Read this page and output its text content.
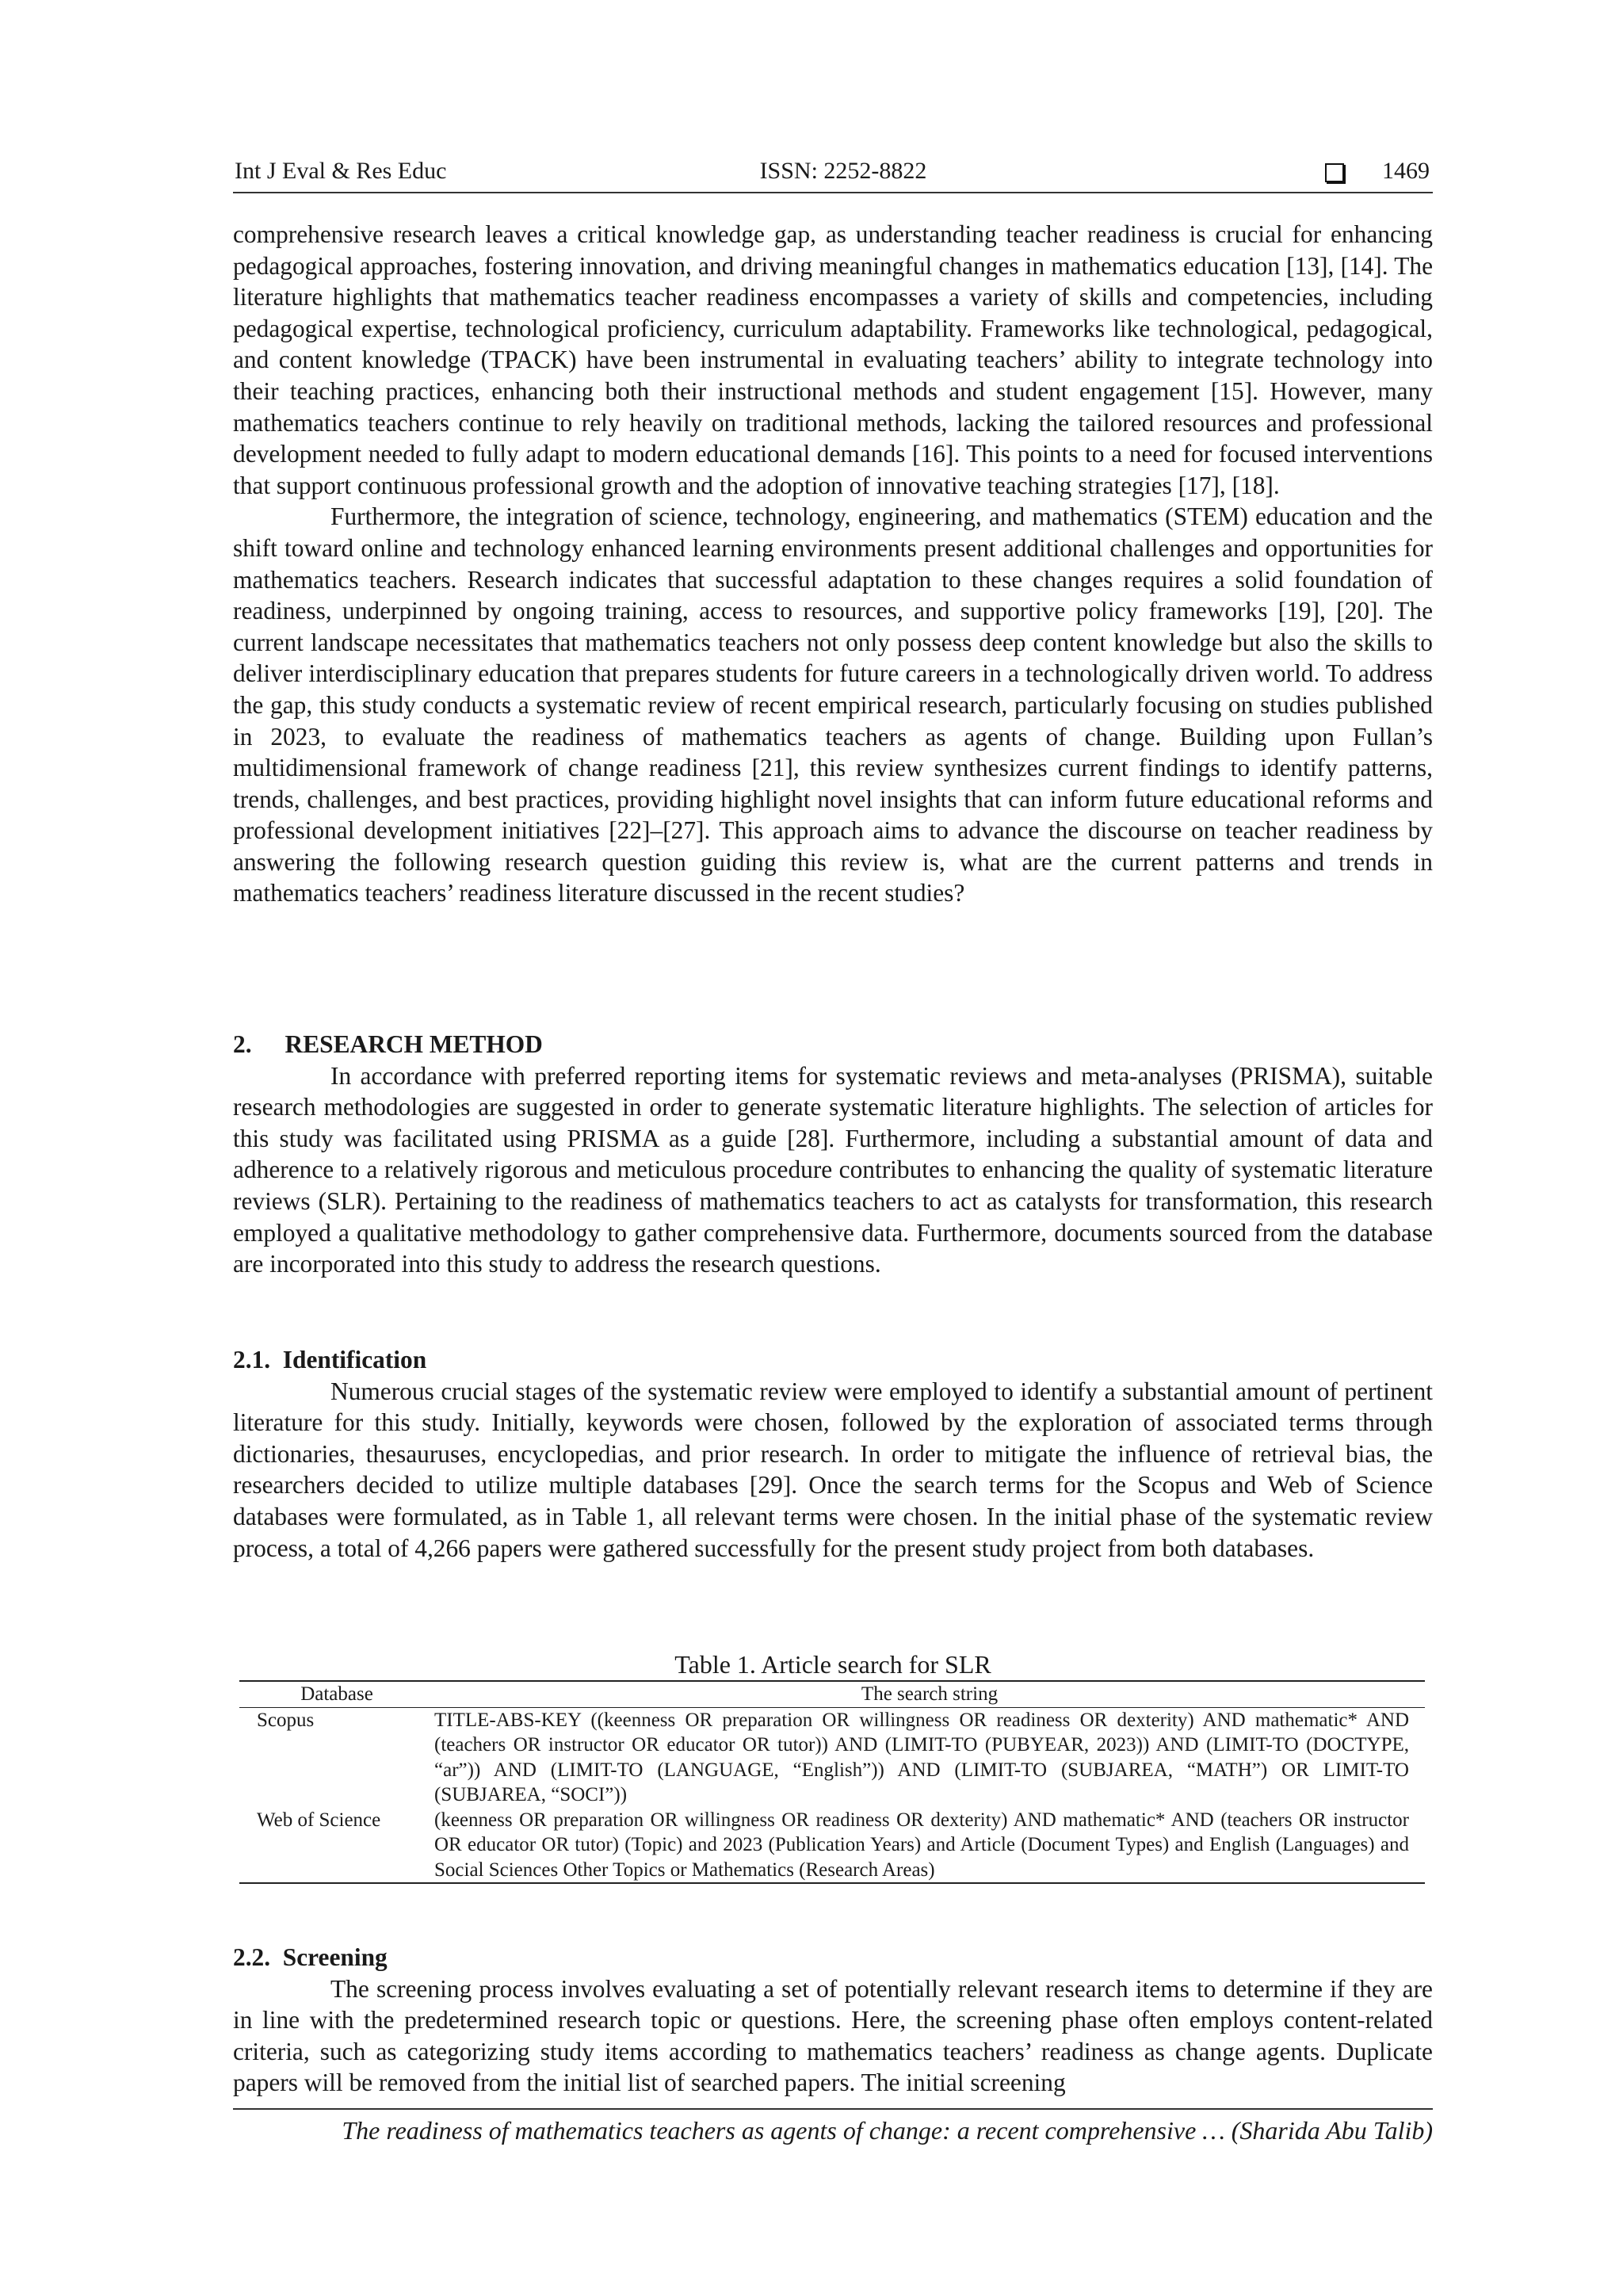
Int J Eval & Res Educ	ISSN: 2252-8822	1469

comprehensive research leaves a critical knowledge gap, as understanding teacher readiness is crucial for enhancing pedagogical approaches, fostering innovation, and driving meaningful changes in mathematics education [13], [14]. The literature highlights that mathematics teacher readiness encompasses a variety of skills and competencies, including pedagogical expertise, technological proficiency, curriculum adaptability. Frameworks like technological, pedagogical, and content knowledge (TPACK) have been instrumental in evaluating teachers’ ability to integrate technology into their teaching practices, enhancing both their instructional methods and student engagement [15]. However, many mathematics teachers continue to rely heavily on traditional methods, lacking the tailored resources and professional development needed to fully adapt to modern educational demands [16]. This points to a need for focused interventions that support continuous professional growth and the adoption of innovative teaching strategies [17], [18].

Furthermore, the integration of science, technology, engineering, and mathematics (STEM) education and the shift toward online and technology enhanced learning environments present additional challenges and opportunities for mathematics teachers. Research indicates that successful adaptation to these changes requires a solid foundation of readiness, underpinned by ongoing training, access to resources, and supportive policy frameworks [19], [20]. The current landscape necessitates that mathematics teachers not only possess deep content knowledge but also the skills to deliver interdisciplinary education that prepares students for future careers in a technologically driven world. To address the gap, this study conducts a systematic review of recent empirical research, particularly focusing on studies published in 2023, to evaluate the readiness of mathematics teachers as agents of change. Building upon Fullan’s multidimensional framework of change readiness [21], this review synthesizes current findings to identify patterns, trends, challenges, and best practices, providing highlight novel insights that can inform future educational reforms and professional development initiatives [22]–[27]. This approach aims to advance the discourse on teacher readiness by answering the following research question guiding this review is, what are the current patterns and trends in mathematics teachers’ readiness literature discussed in the recent studies?

2. RESEARCH METHOD

In accordance with preferred reporting items for systematic reviews and meta-analyses (PRISMA), suitable research methodologies are suggested in order to generate systematic literature highlights. The selection of articles for this study was facilitated using PRISMA as a guide [28]. Furthermore, including a substantial amount of data and adherence to a relatively rigorous and meticulous procedure contributes to enhancing the quality of systematic literature reviews (SLR). Pertaining to the readiness of mathematics teachers to act as catalysts for transformation, this research employed a qualitative methodology to gather comprehensive data. Furthermore, documents sourced from the database are incorporated into this study to address the research questions.

2.1.  Identification

Numerous crucial stages of the systematic review were employed to identify a substantial amount of pertinent literature for this study. Initially, keywords were chosen, followed by the exploration of associated terms through dictionaries, thesauruses, encyclopedias, and prior research. In order to mitigate the influence of retrieval bias, the researchers decided to utilize multiple databases [29]. Once the search terms for the Scopus and Web of Science databases were formulated, as in Table 1, all relevant terms were chosen. In the initial phase of the systematic review process, a total of 4,266 papers were gathered successfully for the present study project from both databases.

Table 1. Article search for SLR
Database	The search string
Scopus	TITLE-ABS-KEY ((keenness OR preparation OR willingness OR readiness OR dexterity) AND mathematic* AND (teachers OR instructor OR educator OR tutor)) AND (LIMIT-TO (PUBYEAR, 2023)) AND (LIMIT-TO (DOCTYPE, “ar”)) AND (LIMIT-TO (LANGUAGE, “English”)) AND (LIMIT-TO (SUBJAREA, “MATH”) OR LIMIT-TO (SUBJAREA, “SOCI”))
Web of Science	(keenness OR preparation OR willingness OR readiness OR dexterity) AND mathematic* AND (teachers OR instructor OR educator OR tutor) (Topic) and 2023 (Publication Years) and Article (Document Types) and English (Languages) and Social Sciences Other Topics or Mathematics (Research Areas)
2.2.  Screening

The screening process involves evaluating a set of potentially relevant research items to determine if they are in line with the predetermined research topic or questions. Here, the screening phase often employs content-related criteria, such as categorizing study items according to mathematics teachers’ readiness as change agents. Duplicate papers will be removed from the initial list of searched papers. The initial screening

The readiness of mathematics teachers as agents of change: a recent comprehensive … (Sharida Abu Talib)
